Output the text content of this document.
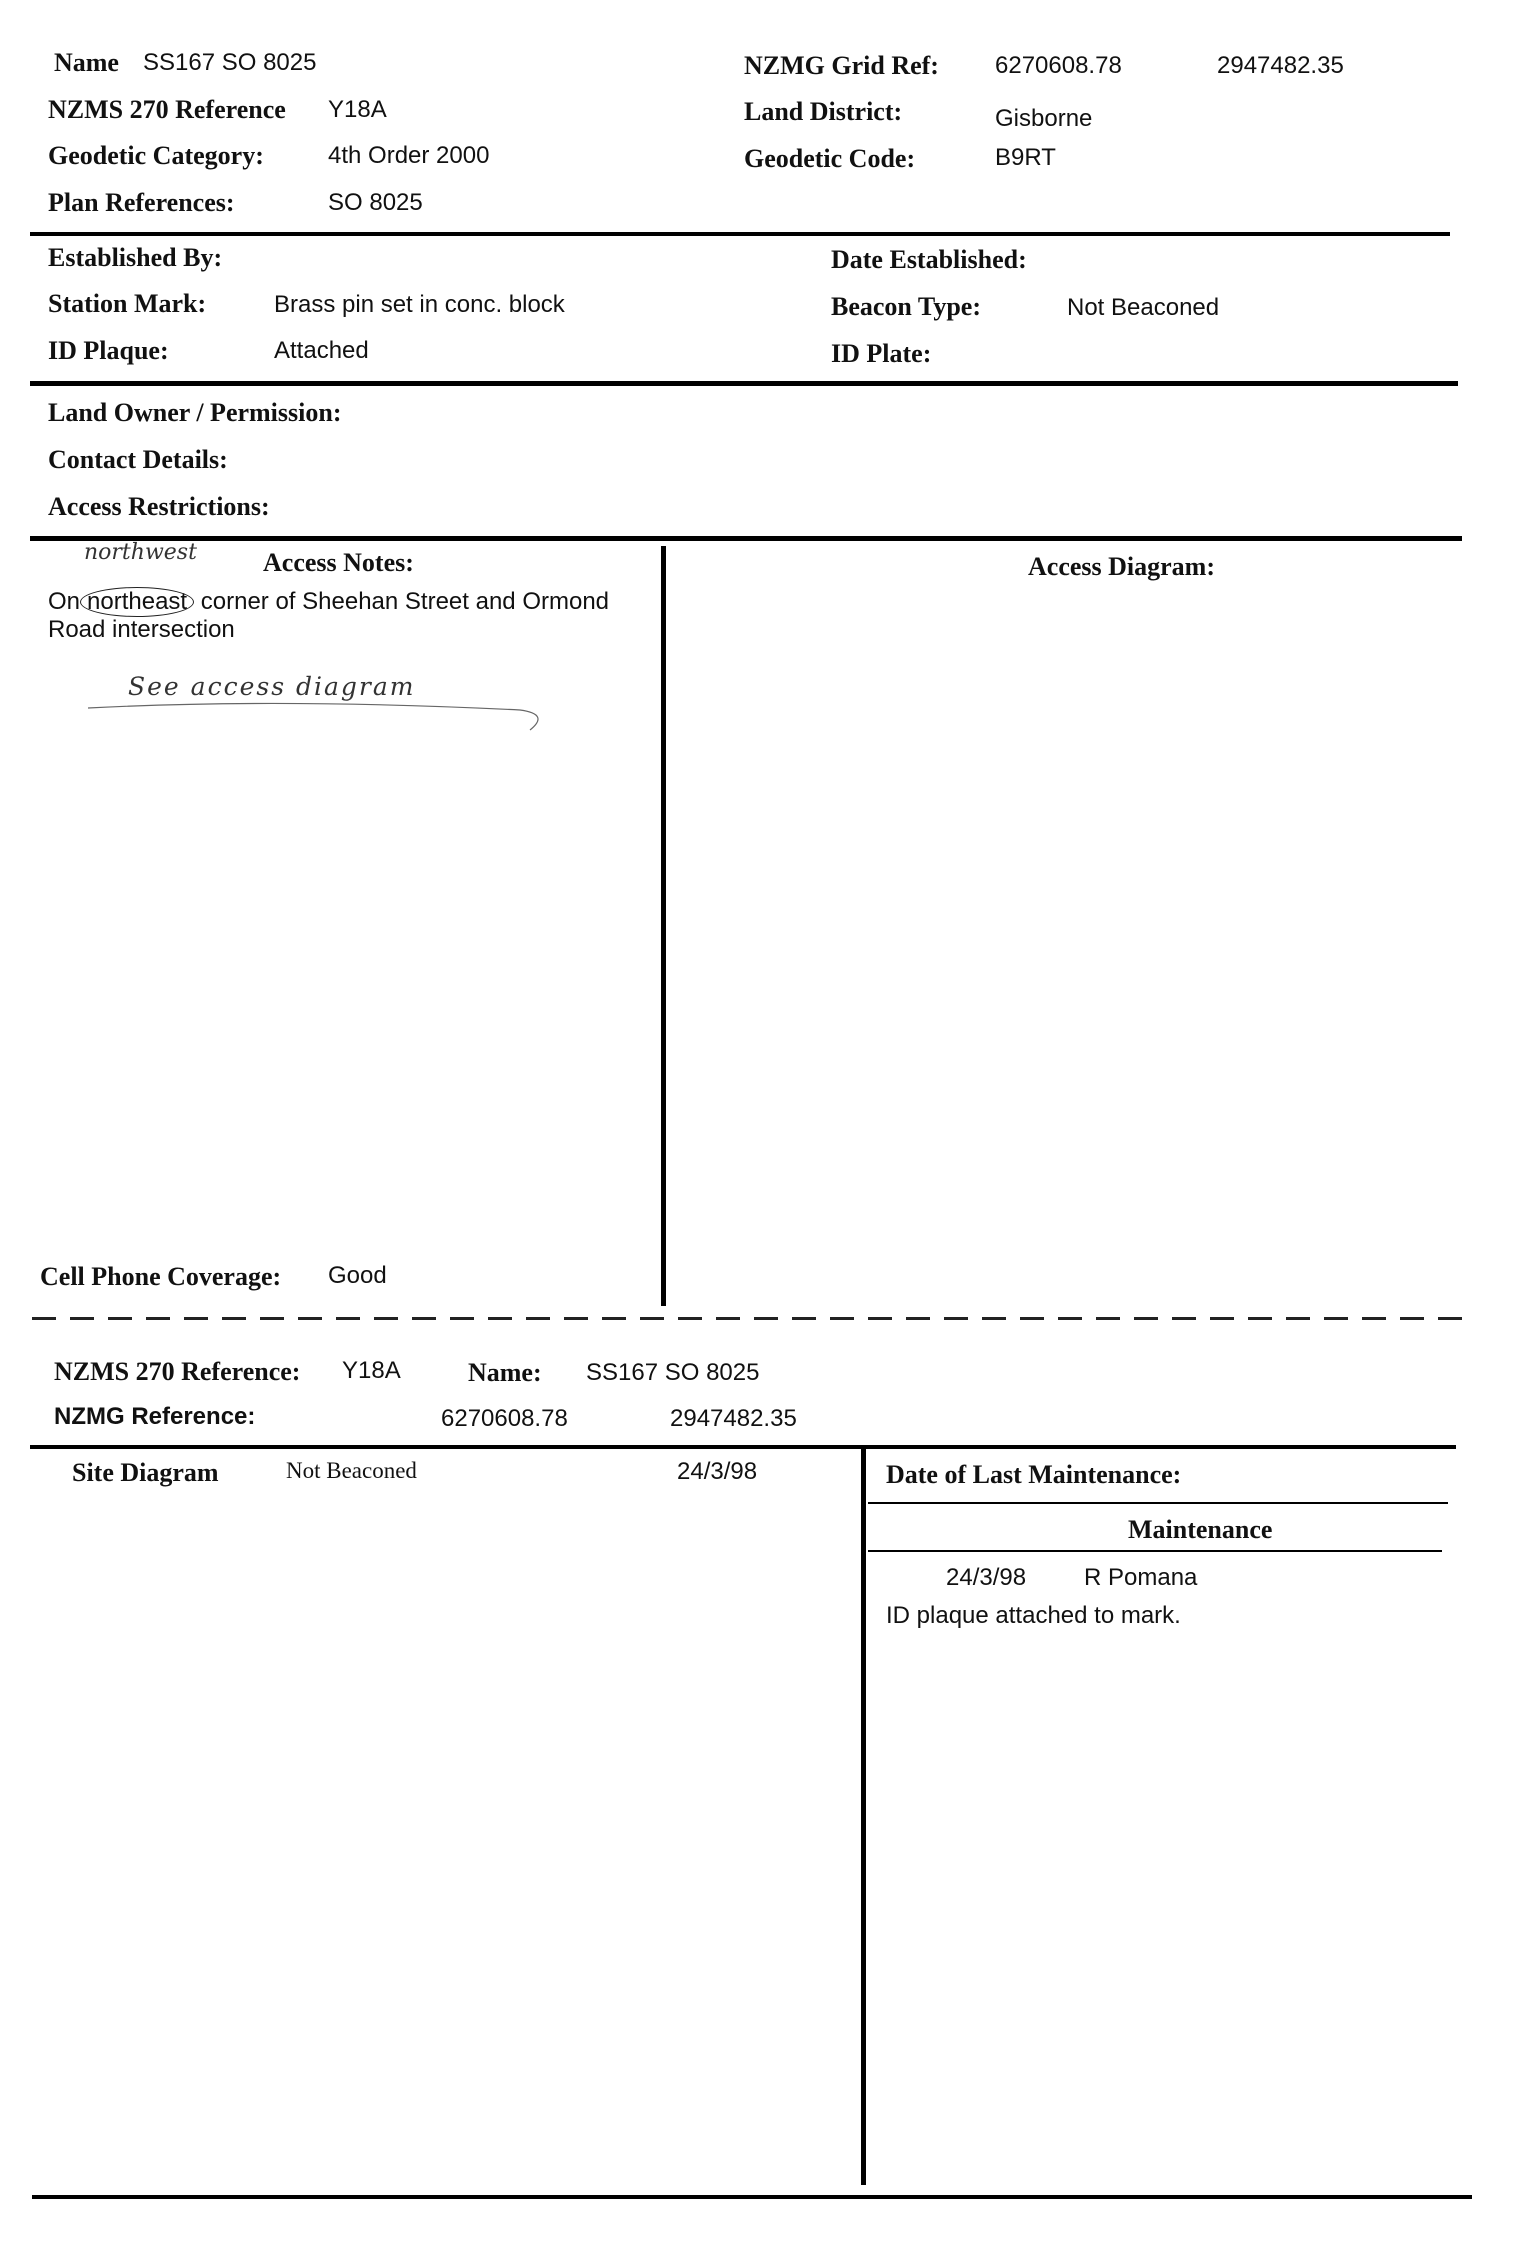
Name SS167 SO 8025
NZMS 270 Reference Y18A
Geodetic Category:	4th Order 2000
Plan References:	SO 8025
NZMG Grid Ref: 6270608.78	2947482.35
Land District:	Gisborne
Geodetic Code:	B9RT
Established By:	Date Established:
Station Mark:	Brass pin set in conc. block	Beacon Type:	Not Beaconed
ID Plaque:	Attached	ID Plate:
Land Owner / Permission:
Contact Details:
Access Restrictions:
northwest	Access Notes:
On northeast corner of Sheehan Street and Ormond
Road intersection
See access diagram
Access Diagram:
Cell Phone Coverage: Good
NZMS 270 Reference: Y18A	Name: SS167 SO 8025
NZMG Reference:	6270608.78	2947482.35
Site Diagram	Not Beaconed	24/3/98	Date of Last Maintenance:
Maintenance
24/3/98 R Pomana
ID plaque attached to mark.
